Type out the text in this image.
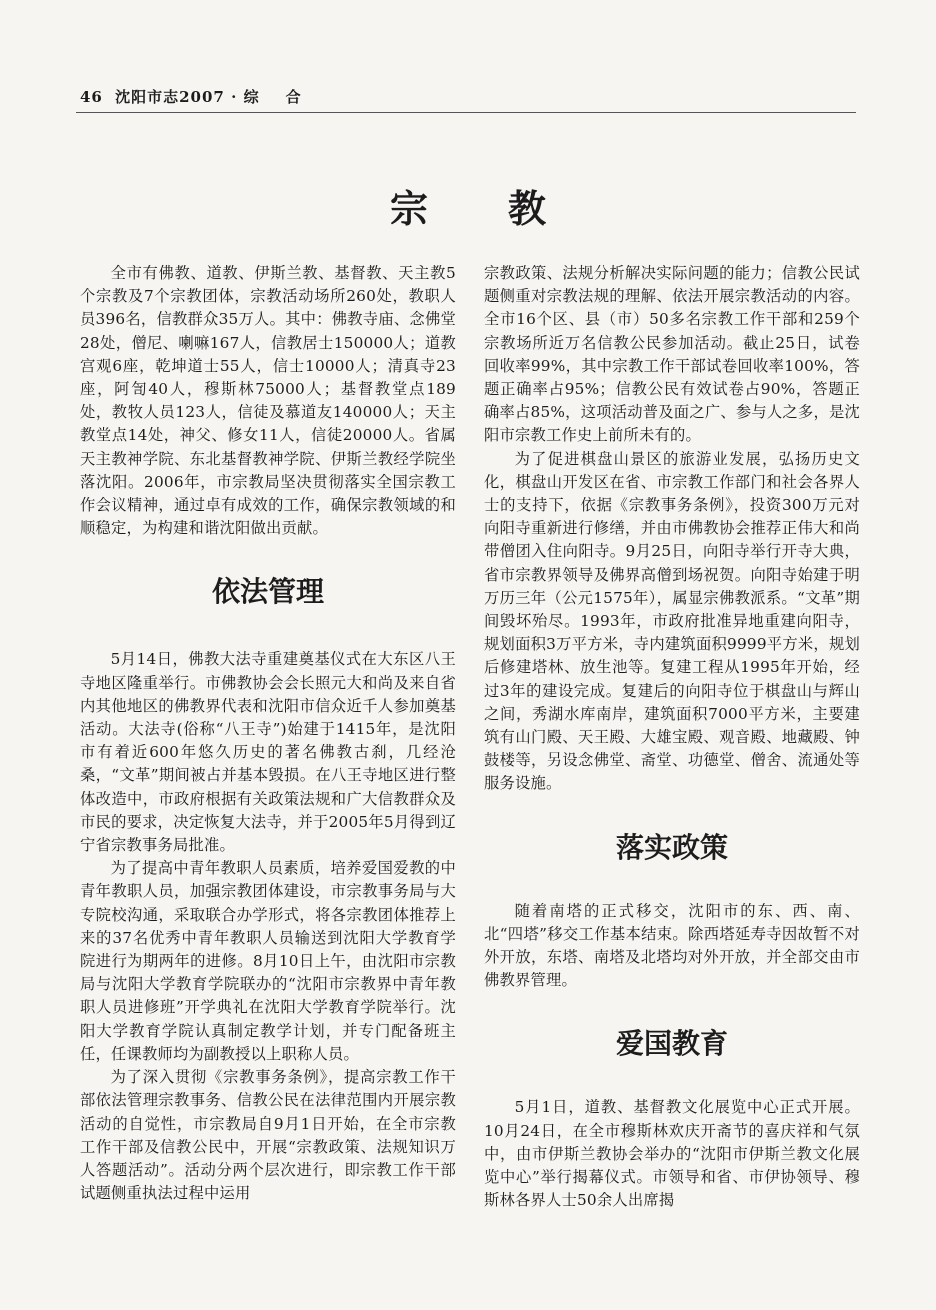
46 沈阳市志2007 · 综 合
宗 教

全市有佛教、道教、伊斯兰教、基督教、天主教5个宗教及7个宗教团体，宗教活动场所260处，教职人员396名，信教群众35万人。其中：佛教寺庙、念佛堂28处，僧尼、喇嘛167人，信教居士150000人；道教宫观6座，乾坤道士55人，信士10000人；清真寺23座，阿訇40人，穆斯林75000人；基督教堂点189处，教牧人员123人，信徒及慕道友140000人；天主教堂点14处，神父、修女11人，信徒20000人。省属天主教神学院、东北基督教神学院、伊斯兰教经学院坐落沈阳。2006年，市宗教局坚决贯彻落实全国宗教工作会议精神，通过卓有成效的工作，确保宗教领域的和顺稳定，为构建和谐沈阳做出贡献。

依法管理

5月14日，佛教大法寺重建奠基仪式在大东区八王寺地区隆重举行。市佛教协会会长照元大和尚及来自省内其他地区的佛教界代表和沈阳市信众近千人参加奠基活动。大法寺(俗称“八王寺”)始建于1415年，是沈阳市有着近600年悠久历史的著名佛教古刹，几经沧桑，“文革”期间被占并基本毁损。在八王寺地区进行整体改造中，市政府根据有关政策法规和广大信教群众及市民的要求，决定恢复大法寺，并于2005年5月得到辽宁省宗教事务局批准。

为了提高中青年教职人员素质，培养爱国爱教的中青年教职人员，加强宗教团体建设，市宗教事务局与大专院校沟通，采取联合办学形式，将各宗教团体推荐上来的37名优秀中青年教职人员输送到沈阳大学教育学院进行为期两年的进修。8月10日上午，由沈阳市宗教局与沈阳大学教育学院联办的“沈阳市宗教界中青年教职人员进修班”开学典礼在沈阳大学教育学院举行。沈阳大学教育学院认真制定教学计划，并专门配备班主任，任课教师均为副教授以上职称人员。

为了深入贯彻《宗教事务条例》，提高宗教工作干部依法管理宗教事务、信教公民在法律范围内开展宗教活动的自觉性，市宗教局自9月1日开始，在全市宗教工作干部及信教公民中，开展“宗教政策、法规知识万人答题活动”。活动分两个层次进行，即宗教工作干部试题侧重执法过程中运用

宗教政策、法规分析解决实际问题的能力；信教公民试题侧重对宗教法规的理解、依法开展宗教活动的内容。全市16个区、县（市）50多名宗教工作干部和259个宗教场所近万名信教公民参加活动。截止25日，试卷回收率99%，其中宗教工作干部试卷回收率100%，答题正确率占95%；信教公民有效试卷占90%，答题正确率占85%，这项活动普及面之广、参与人之多，是沈阳市宗教工作史上前所未有的。

为了促进棋盘山景区的旅游业发展，弘扬历史文化，棋盘山开发区在省、市宗教工作部门和社会各界人士的支持下，依据《宗教事务条例》，投资300万元对向阳寺重新进行修缮，并由市佛教协会推荐正伟大和尚带僧团入住向阳寺。9月25日，向阳寺举行开寺大典，省市宗教界领导及佛界高僧到场祝贺。向阳寺始建于明万历三年（公元1575年），属显宗佛教派系。“文革”期间毁坏殆尽。1993年，市政府批准异地重建向阳寺，规划面积3万平方米，寺内建筑面积9999平方米，规划后修建塔林、放生池等。复建工程从1995年开始，经过3年的建设完成。复建后的向阳寺位于棋盘山与辉山之间，秀湖水库南岸，建筑面积7000平方米，主要建筑有山门殿、天王殿、大雄宝殿、观音殿、地藏殿、钟鼓楼等，另设念佛堂、斋堂、功德堂、僧舍、流通处等服务设施。

落实政策

随着南塔的正式移交，沈阳市的东、西、南、北“四塔”移交工作基本结束。除西塔延寿寺因故暂不对外开放，东塔、南塔及北塔均对外开放，并全部交由市佛教界管理。

爱国教育

5月1日，道教、基督教文化展览中心正式开展。10月24日，在全市穆斯林欢庆开斋节的喜庆祥和气氛中，由市伊斯兰教协会举办的“沈阳市伊斯兰教文化展览中心”举行揭幕仪式。市领导和省、市伊协领导、穆斯林各界人士50余人出席揭
